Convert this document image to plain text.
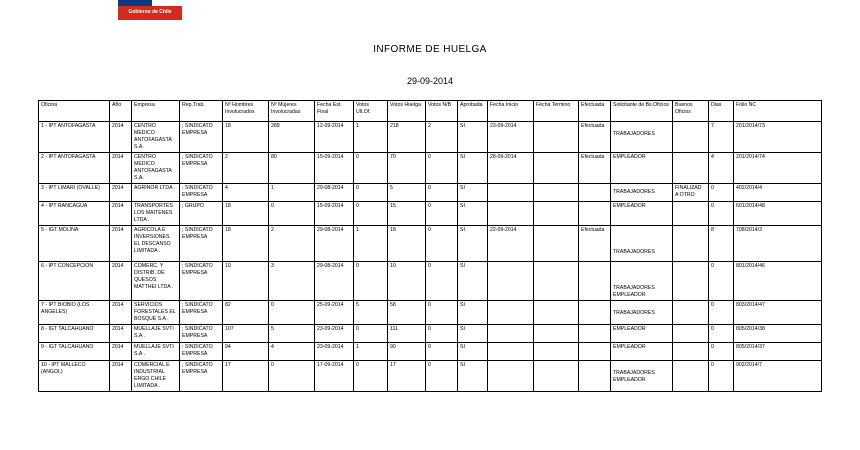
Gobierno de Chile
INFORME DE HUELGA
29-09-2014
Oficina	Año	Empresa	Rep.Trab.	Nº Hombres Involucrados	Nº Mujeres Involucradas	Fecha Est. Final	Votos Ult.Of.	Votos Huelga	Votos N/B	Aprobada	Fecha Inicio	Fecha Termino	Efectuada	Solicitante de Bs.Oficios	Buenos Oficios	Dias	Folio NC
1 - IPT ANTOFAGASTA	2014	CENTRO MEDICO ANTOFAGASTA S.A.	; SINDICATO EMPRESA	18	289	12-09-2014	1	218	2	SI	23-09-2014		Efectuada	TRABAJADORES		7	201/2014/73
2 - IPT ANTOFAGASTA	2014	CENTRO MEDICO ANTOFAGASTA S.A.	; SINDICATO EMPRESA	2	80	15-09-2014	0	70	0	SI	28-09-2014		Efectuada	EMPLEADOR		4	201/2014/74
3 - IPT LIMARI (OVALLE)	2014	AGRINOR LTDA .	; SINDICATO EMPRESA	4	1	29-08-2014	0	5	0	SI				TRABAJADORES	FINALIZAD A OTRO	0	402/2014/4
4 - IPT RANCAGUA	2014	TRANSPORTES LOS MAITENES LTDA .	; GRUPO	18	0	15-09-2014	0	15	0	SI				EMPLEADOR		0	601/2014/48
5 - IGT MOLINA	2014	AGRICOLA E INVERSIONES EL DESCANSO LIMITADA .	; SINDICATO EMPRESA	18	2	29-08-2014	1	18	0	SI	22-09-2014		Efectuada	TRABAJADORES		8	708/2014/3
6 - IPT CONCEPCION	2014	COMERC. Y DISTRIB. DE QUESOS MATTHEI LTDA .	; SINDICATO EMPRESA	10	3	29-08-2014	0	10	0	SI				TRABAJADORES EMPLEADOR		0	801/2014/46
7 - IPT BIOBIO (LOS ANGELES)	2014	SERVICIOS FORESTALES EL BOSQUE S.A .	; SINDICATO EMPRESA	82	0	25-09-2014	5	58	0	SI				TRABAJADORES		0	803/2014/47
8 - IGT TALCAHUANO	2014	MUELLAJE SVTI S.A .	; SINDICATO EMPRESA	107	5	23-09-2014	0	111	0	SI				EMPLEADOR		0	805/2014/38
9 - IGT TALCAHUANO	2014	MUELLAJE SVTI S.A .	; SINDICATO EMPRESA	94	4	23-09-2014	1	90	0	SI				EMPLEADOR		0	805/2014/37
10 - IPT MALLECO (ANGOL)	2014	COMERCIAL E INDUSTRIAL ERGO CHILE LIMITADA .	; SINDICATO EMPRESA	17	0	17-09-2014	0	17	0	SI				TRABAJADORES EMPLEADOR		0	902/2014/7
